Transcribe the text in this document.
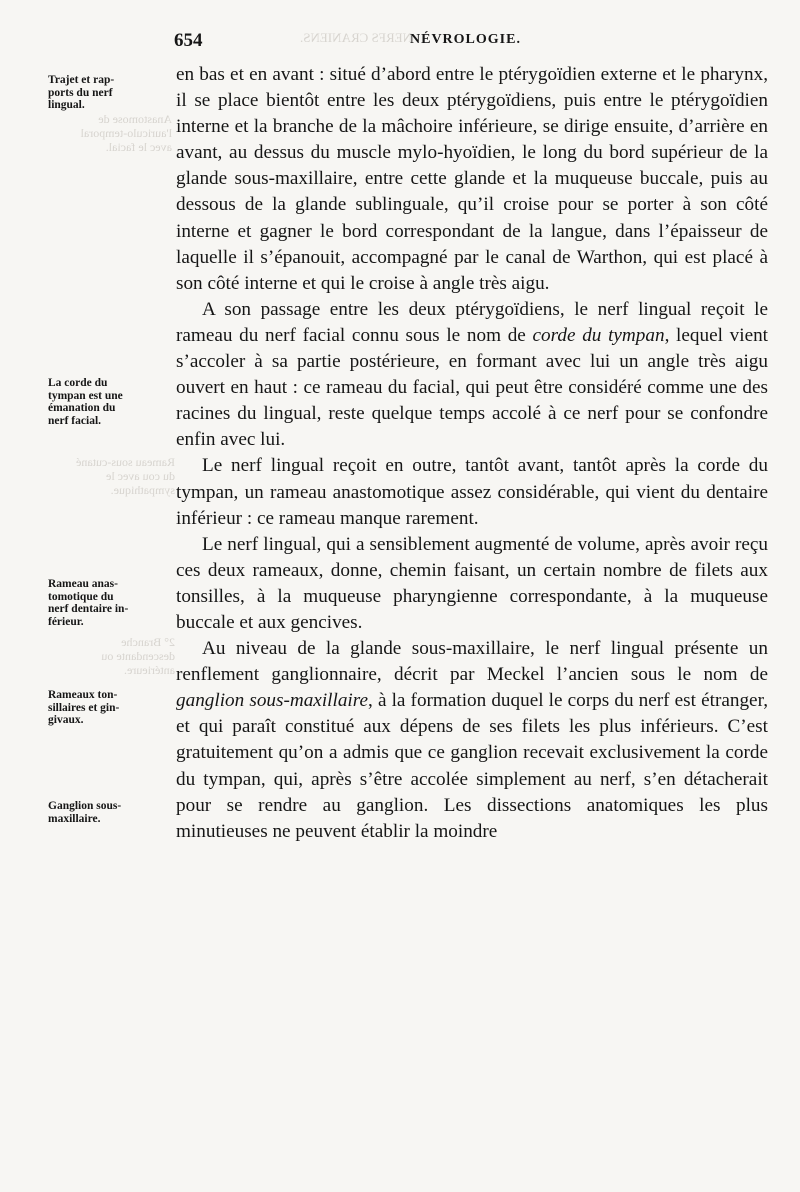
NERFS CRANIENS.
Anastomose de l'auriculo-temporal avec le facial.
Rameau sous-cutané du cou avec le sympathique.
2° Branche descendante ou antérieure.
654	NÉVROLOGIE.
Trajet et rap-
ports du nerf
lingual.
La corde du
tympan est une
émanation du
nerf facial.
Rameau anas-
tomotique du
nerf dentaire in-
férieur.
Rameaux ton-
sillaires et gin-
givaux.
Ganglion sous-
maxillaire.

en bas et en avant : situé d’abord entre le ptérygoïdien externe et le pharynx, il se place bientôt entre les deux ptérygoïdiens, puis entre le ptérygoïdien interne et la branche de la mâchoire inférieure, se dirige ensuite, d’arrière en avant, au dessus du muscle mylo-hyoïdien, le long du bord supérieur de la glande sous-maxillaire, entre cette glande et la muqueuse buccale, puis au dessous de la glande sublinguale, qu’il croise pour se porter à son côté interne et gagner le bord correspondant de la langue, dans l’épaisseur de laquelle il s’épanouit, accompagné par le canal de Warthon, qui est placé à son côté interne et qui le croise à angle très aigu.

A son passage entre les deux ptérygoïdiens, le nerf lingual reçoit le rameau du nerf facial connu sous le nom de corde du tympan, lequel vient s’accoler à sa partie postérieure, en formant avec lui un angle très aigu ouvert en haut : ce rameau du facial, qui peut être considéré comme une des racines du lingual, reste quelque temps accolé à ce nerf pour se confondre enfin avec lui.

Le nerf lingual reçoit en outre, tantôt avant, tantôt après la corde du tympan, un rameau anastomotique assez considérable, qui vient du dentaire inférieur : ce rameau manque rarement.

Le nerf lingual, qui a sensiblement augmenté de volume, après avoir reçu ces deux rameaux, donne, chemin faisant, un certain nombre de filets aux tonsilles, à la muqueuse pharyngienne correspondante, à la muqueuse buccale et aux gencives.

Au niveau de la glande sous-maxillaire, le nerf lingual présente un renflement ganglionnaire, décrit par Meckel l’ancien sous le nom de ganglion sous-maxillaire, à la formation duquel le corps du nerf est étranger, et qui paraît constitué aux dépens de ses filets les plus inférieurs. C’est gratuitement qu’on a admis que ce ganglion recevait exclusivement la corde du tympan, qui, après s’être accolée simplement au nerf, s’en détacherait pour se rendre au ganglion. Les dissections anatomiques les plus minutieuses ne peuvent établir la moindre
